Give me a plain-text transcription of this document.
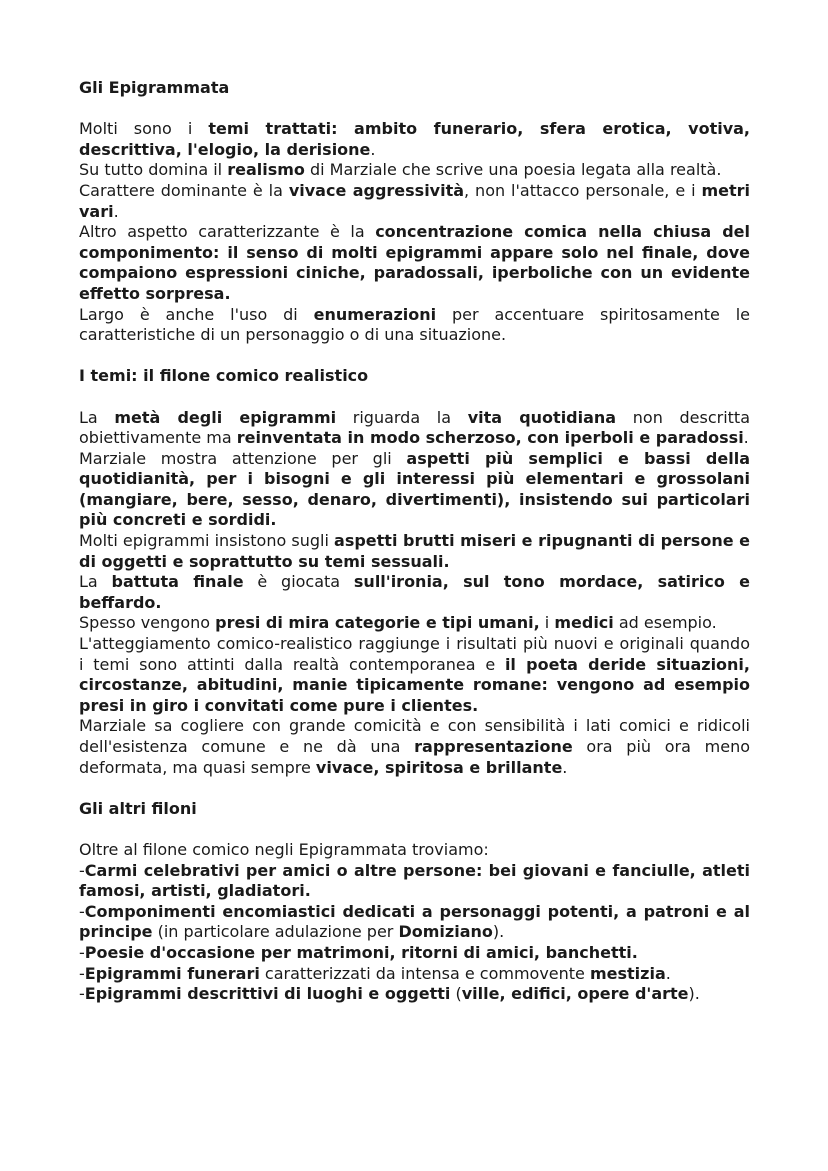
Gli Epigrammata

Molti sono i temi trattati: ambito funerario, sfera erotica, votiva, descrittiva, l'elogio, la derisione.

Su tutto domina il realismo di Marziale che scrive una poesia legata alla realtà.

Carattere dominante è la vivace aggressività, non l'attacco personale, e i metri vari.

Altro aspetto caratterizzante è la concentrazione comica nella chiusa del componimento: il senso di molti epigrammi appare solo nel finale, dove compaiono espressioni ciniche, paradossali, iperboliche con un evidente effetto sorpresa.

Largo è anche l'uso di enumerazioni per accentuare spiritosamente le caratteristiche di un personaggio o di una situazione.

I temi: il filone comico realistico

La metà degli epigrammi riguarda la vita quotidiana non descritta obiettivamente ma reinventata in modo scherzoso, con iperboli e paradossi.

Marziale mostra attenzione per gli aspetti più semplici e bassi della quotidianità, per i bisogni e gli interessi più elementari e grossolani (mangiare, bere, sesso, denaro, divertimenti), insistendo sui particolari più concreti e sordidi.

Molti epigrammi insistono sugli aspetti brutti miseri e ripugnanti di persone e di oggetti e soprattutto su temi sessuali.

La battuta finale è giocata sull'ironia, sul tono mordace, satirico e beffardo.

Spesso vengono presi di mira categorie e tipi umani, i medici ad esempio.

L'atteggiamento comico-realistico raggiunge i risultati più nuovi e originali quando i temi sono attinti dalla realtà contemporanea e il poeta deride situazioni, circostanze, abitudini, manie tipicamente romane: vengono ad esempio presi in giro i convitati come pure i clientes.

Marziale sa cogliere con grande comicità e con sensibilità i lati comici e ridicoli dell'esistenza comune e ne dà una rappresentazione ora più ora meno deformata, ma quasi sempre vivace, spiritosa e brillante.

Gli altri filoni

Oltre al filone comico negli Epigrammata troviamo:

-Carmi celebrativi per amici o altre persone: bei giovani e fanciulle, atleti famosi, artisti, gladiatori.

-Componimenti encomiastici dedicati a personaggi potenti, a patroni e al principe (in particolare adulazione per Domiziano).

-Poesie d'occasione per matrimoni, ritorni di amici, banchetti.

-Epigrammi funerari caratterizzati da intensa e commovente mestizia.

-Epigrammi descrittivi di luoghi e oggetti (ville, edifici, opere d'arte).
